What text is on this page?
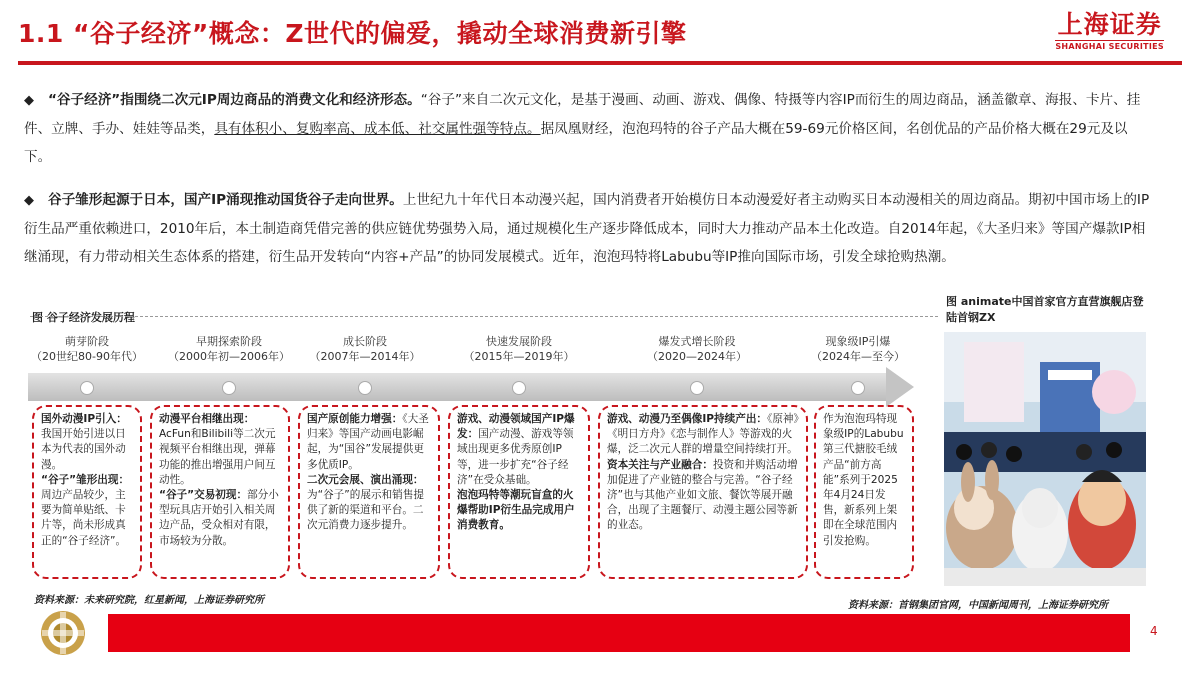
1.1 “谷子经济”概念：Z世代的偏爱，撬动全球消费新引擎	上海证券
SHANGHAI SECURITIES
◆ “谷子经济”指围绕二次元IP周边商品的消费文化和经济形态。“谷子”来自二次元文化，是基于漫画、动画、游戏、偶像、特摄等内容IP而衍生的周边商品，涵盖徽章、海报、卡片、挂件、立牌、手办、娃娃等品类，具有体积小、复购率高、成本低、社交属性强等特点。据凤凰财经，泡泡玛特的谷子产品大概在59-69元价格区间，名创优品的产品价格大概在29元及以下。
◆ 谷子雏形起源于日本，国产IP涌现推动国货谷子走向世界。上世纪九十年代日本动漫兴起，国内消费者开始模仿日本动漫爱好者主动购买日本动漫相关的周边商品。期初中国市场上的IP衍生品严重依赖进口，2010年后，本土制造商凭借完善的供应链优势强势入局，通过规模化生产逐步降低成本，同时大力推动产品本土化改造。自2014年起，《大圣归来》等国产爆款IP相继涌现，有力带动相关生态体系的搭建，衍生品开发转向“内容+产品”的协同发展模式。近年，泡泡玛特将Labubu等IP推向国际市场，引发全球抢购热潮。
图 谷子经济发展历程
图 animate中国首家官方直营旗舰店登陆首钢ZX
萌芽阶段
（20世纪80-90年代）
早期探索阶段
（2000年初—2006年）
成长阶段
（2007年—2014年）
快速发展阶段
（2015年—2019年）
爆发式增长阶段
（2020—2024年）
现象级IP引爆
（2024年—至今）
国外动漫IP引入：我国开始引进以日本为代表的国外动漫。
“谷子”雏形出现：周边产品较少，主要为简单贴纸、卡片等，尚未形成真正的“谷子经济”。
动漫平台相继出现：AcFun和Bilibili等二次元视频平台相继出现，弹幕功能的推出增强用户间互动性。
“谷子”交易初现：部分小型玩具店开始引入相关周边产品，受众相对有限，市场较为分散。
国产原创能力增强：《大圣归来》等国产动画电影崛起，为“国谷”发展提供更多优质IP。
二次元会展、演出涌现：为“谷子”的展示和销售提供了新的渠道和平台。二次元消费力逐步提升。
游戏、动漫领域国产IP爆发：国产动漫、游戏等领域出现更多优秀原创IP等，进一步扩充“谷子经济”在受众基础。
泡泡玛特等潮玩盲盒的火爆帮助IP衍生品完成用户消费教育。
游戏、动漫乃至偶像IP持续产出：《原神》《明日方舟》《恋与制作人》等游戏的火爆，泛二次元人群的增量空间持续打开。
资本关注与产业融合：投资和并购活动增加促进了产业链的整合与完善。“谷子经济”也与其他产业如文旅、餐饮等展开融合，出现了主题餐厅、动漫主题公园等新的业态。
作为泡泡玛特现象级IP的Labubu第三代搪胶毛绒产品“前方高能”系列于2025年4月24日发售，新系列上架即在全球范围内引发抢购。
资料来源：未来研究院，红星新闻，上海证券研究所	资料来源：首钢集团官网，中国新闻周刊，上海证券研究所
4
